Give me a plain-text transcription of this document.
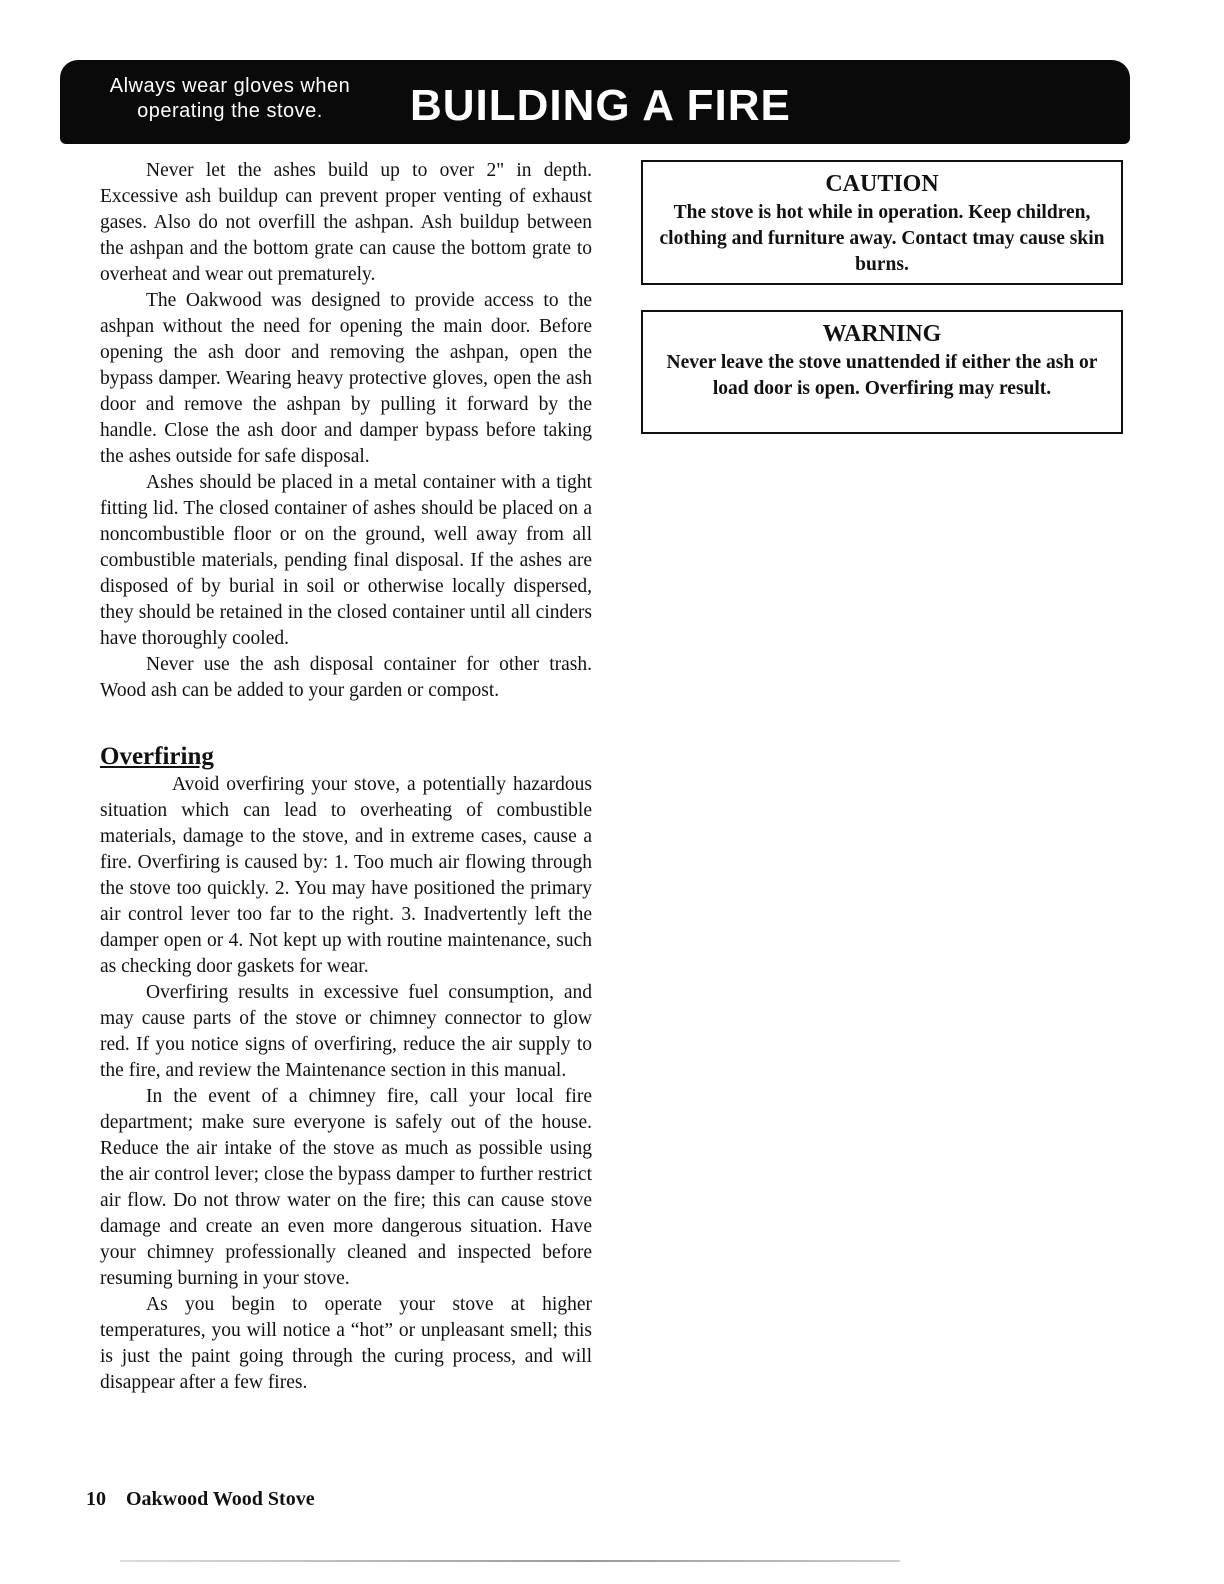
Always wear gloves when
operating the stove.	BUILDING A FIRE

Never let the ashes build up to over 2" in depth. Excessive ash buildup can prevent proper venting of exhaust gases. Also do not overfill the ashpan. Ash buildup between the ashpan and the bottom grate can cause the bottom grate to overheat and wear out prematurely.

The Oakwood was designed to provide access to the ashpan without the need for opening the main door. Before opening the ash door and removing the ashpan, open the bypass damper. Wearing heavy protective gloves, open the ash door and remove the ashpan by pulling it forward by the handle. Close the ash door and damper bypass before taking the ashes outside for safe disposal.

Ashes should be placed in a metal container with a tight fitting lid. The closed container of ashes should be placed on a noncombustible floor or on the ground, well away from all combustible materials, pending final disposal. If the ashes are disposed of by burial in soil or otherwise locally dispersed, they should be retained in the closed container until all cinders have thoroughly cooled.

Never use the ash disposal container for other trash. Wood ash can be added to your garden or compost.

Overfiring

Avoid overfiring your stove, a potentially hazardous situation which can lead to overheating of combustible materials, damage to the stove, and in extreme cases, cause a fire. Overfiring is caused by: 1. Too much air flowing through the stove too quickly. 2. You may have positioned the primary air control lever too far to the right. 3. Inadvertently left the damper open or 4. Not kept up with routine maintenance, such as checking door gaskets for wear.

Overfiring results in excessive fuel consumption, and may cause parts of the stove or chimney connector to glow red. If you notice signs of overfiring, reduce the air supply to the fire, and review the Maintenance section in this manual.

In the event of a chimney fire, call your local fire department; make sure everyone is safely out of the house. Reduce the air intake of the stove as much as possible using the air control lever; close the bypass damper to further restrict air flow. Do not throw water on the fire; this can cause stove damage and create an even more dangerous situation. Have your chimney professionally cleaned and inspected before resuming burning in your stove.

As you begin to operate your stove at higher temperatures, you will notice a “hot” or unpleasant smell; this is just the paint going through the curing process, and will disappear after a few fires.

CAUTION
The stove is hot while in operation. Keep children, clothing and furniture away. Contact tmay cause skin burns.
WARNING
Never leave the stove unattended if either the ash or load door is open. Overfiring may result.
10 Oakwood Wood Stove
